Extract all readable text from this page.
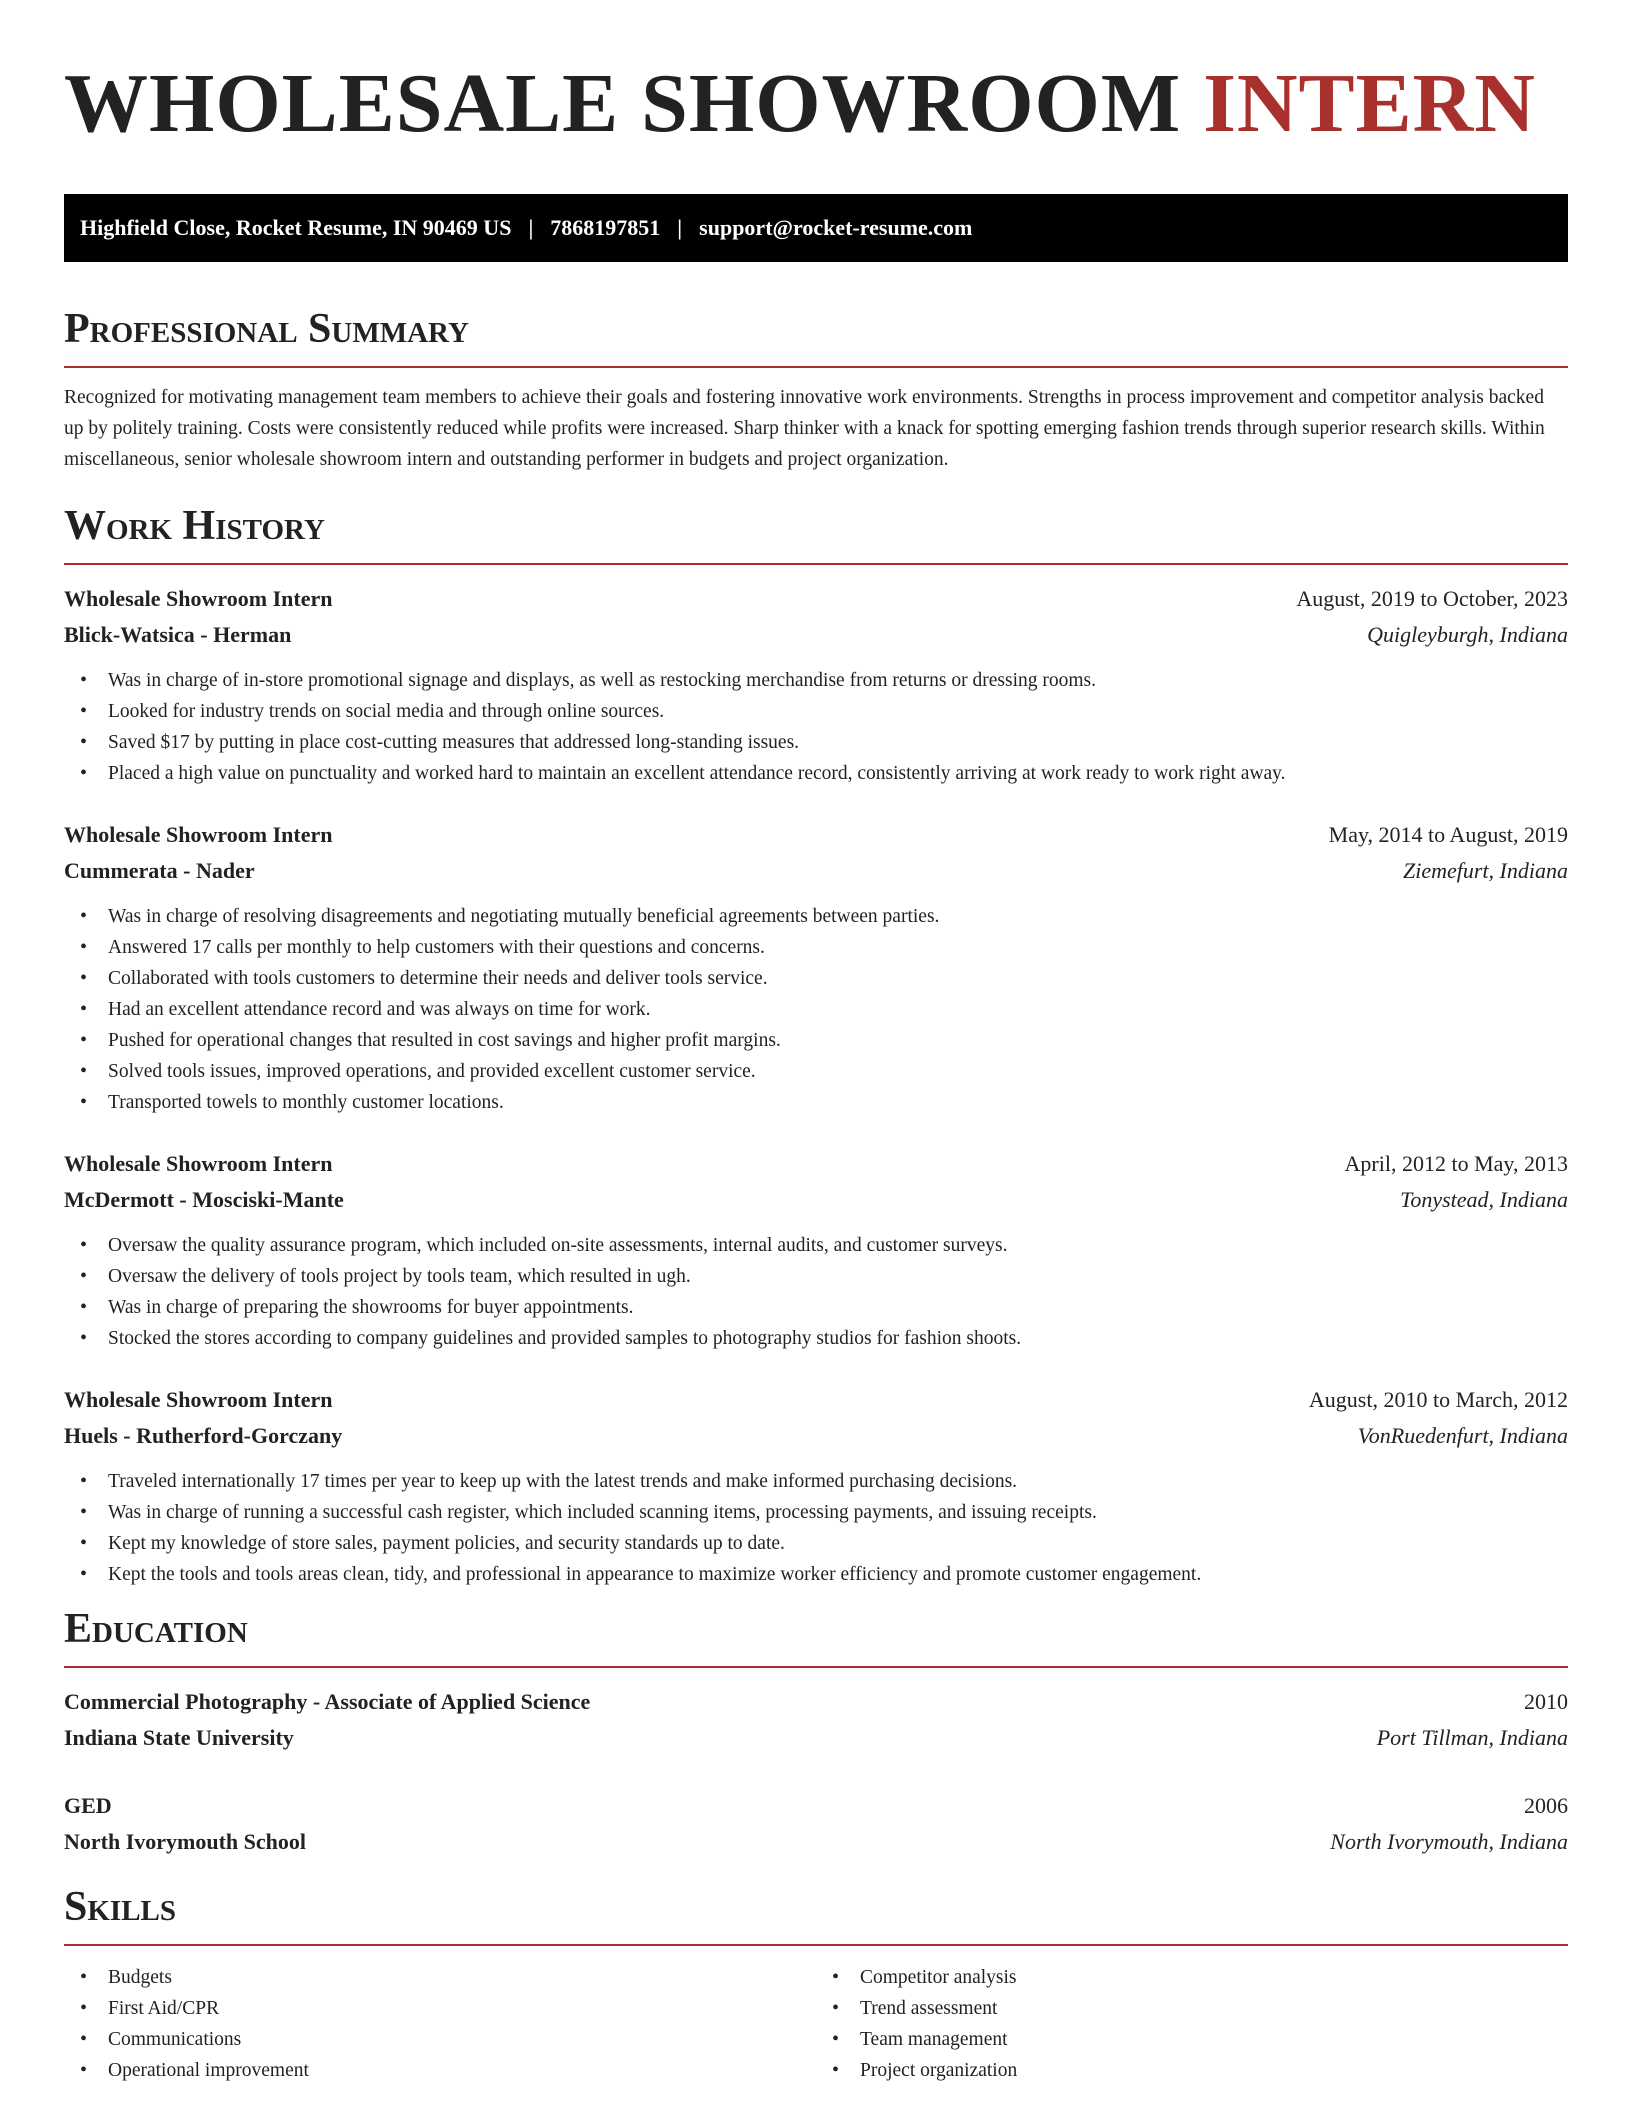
WHOLESALE SHOWROOM INTERN
Highfield Close, Rocket Resume, IN 90469 US | 7868197851 | support@rocket-resume.com
Professional Summary

Recognized for motivating management team members to achieve their goals and fostering innovative work environments. Strengths in process improvement and competitor analysis backed up by politely training. Costs were consistently reduced while profits were increased. Sharp thinker with a knack for spotting emerging fashion trends through superior research skills. Within miscellaneous, senior wholesale showroom intern and outstanding performer in budgets and project organization.

Work History
Wholesale Showroom Intern	August, 2019 to October, 2023
Blick-Watsica - Herman	Quigleyburgh, Indiana
• Was in charge of in-store promotional signage and displays, as well as restocking merchandise from returns or dressing rooms.
• Looked for industry trends on social media and through online sources.
• Saved $17 by putting in place cost-cutting measures that addressed long-standing issues.
• Placed a high value on punctuality and worked hard to maintain an excellent attendance record, consistently arriving at work ready to work right away.
Wholesale Showroom Intern	May, 2014 to August, 2019
Cummerata - Nader	Ziemefurt, Indiana
• Was in charge of resolving disagreements and negotiating mutually beneficial agreements between parties.
• Answered 17 calls per monthly to help customers with their questions and concerns.
• Collaborated with tools customers to determine their needs and deliver tools service.
• Had an excellent attendance record and was always on time for work.
• Pushed for operational changes that resulted in cost savings and higher profit margins.
• Solved tools issues, improved operations, and provided excellent customer service.
• Transported towels to monthly customer locations.
Wholesale Showroom Intern	April, 2012 to May, 2013
McDermott - Mosciski-Mante	Tonystead, Indiana
• Oversaw the quality assurance program, which included on-site assessments, internal audits, and customer surveys.
• Oversaw the delivery of tools project by tools team, which resulted in ugh.
• Was in charge of preparing the showrooms for buyer appointments.
• Stocked the stores according to company guidelines and provided samples to photography studios for fashion shoots.
Wholesale Showroom Intern	August, 2010 to March, 2012
Huels - Rutherford-Gorczany	VonRuedenfurt, Indiana
• Traveled internationally 17 times per year to keep up with the latest trends and make informed purchasing decisions.
• Was in charge of running a successful cash register, which included scanning items, processing payments, and issuing receipts.
• Kept my knowledge of store sales, payment policies, and security standards up to date.
• Kept the tools and tools areas clean, tidy, and professional in appearance to maximize worker efficiency and promote customer engagement.
Education
Commercial Photography - Associate of Applied Science	2010
Indiana State University	Port Tillman, Indiana
GED	2006
North Ivorymouth School	North Ivorymouth, Indiana
Skills
• Budgets
• First Aid/CPR
• Communications
• Operational improvement
• Competitor analysis
• Trend assessment
• Team management
• Project organization
